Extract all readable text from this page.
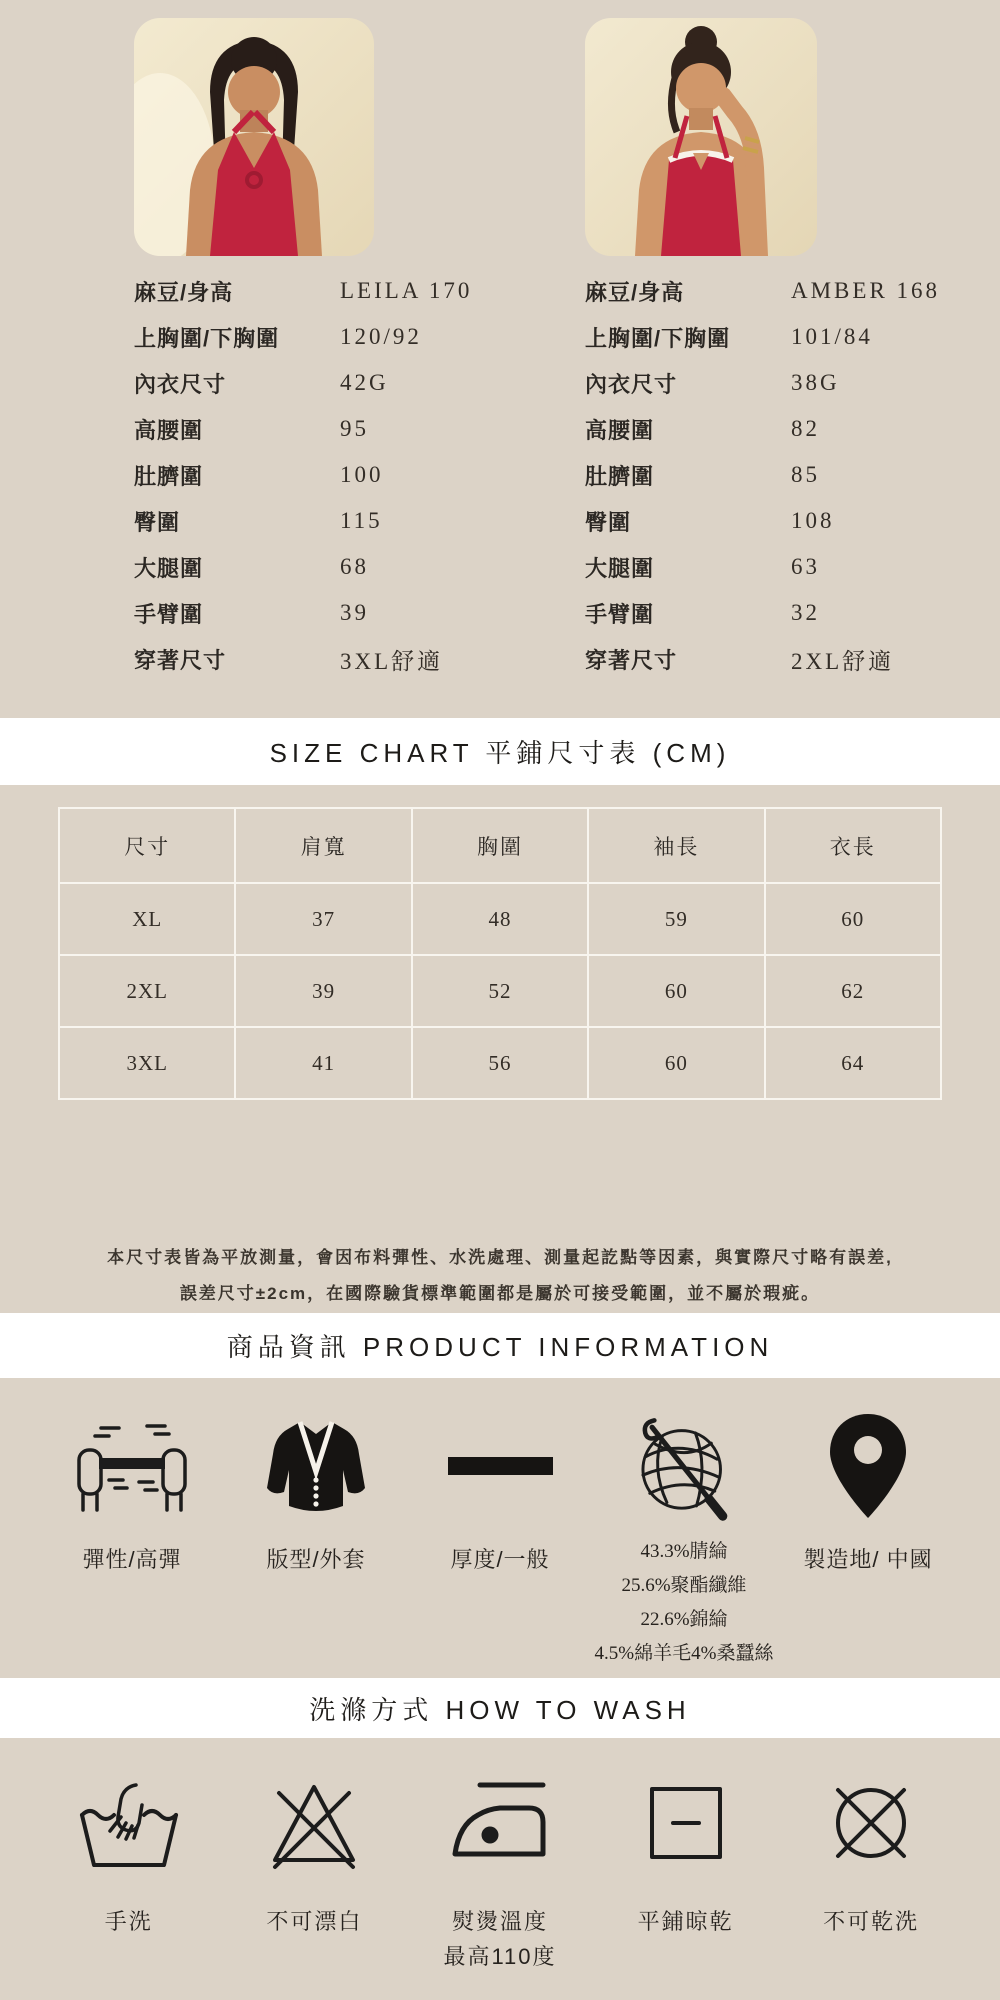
麻豆/身高	LEILA 170
上胸圍/下胸圍	120/92
內衣尺寸	42G
高腰圍	95
肚臍圍	100
臀圍	115
大腿圍	68
手臂圍	39
穿著尺寸	3XL舒適
麻豆/身高	AMBER 168
上胸圍/下胸圍	101/84
內衣尺寸	38G
高腰圍	82
肚臍圍	85
臀圍	108
大腿圍	63
手臂圍	32
穿著尺寸	2XL舒適
SIZE CHART 平鋪尺寸表 (CM)
尺寸	肩寬	胸圍	袖長	衣長
XL	37	48	59	60
2XL	39	52	60	62
3XL	41	56	60	64

本尺寸表皆為平放測量，會因布料彈性、水洗處理、測量起訖點等因素，與實際尺寸略有誤差,

誤差尺寸±2cm，在國際驗貨標準範圍都是屬於可接受範圍，並不屬於瑕疵。

商品資訊 PRODUCT INFORMATION
彈性/高彈	版型/外套	厚度/一般	43.3%腈綸
25.6%聚酯纖維
22.6%錦綸
4.5%綿羊毛4%桑蠶絲
製造地/ 中國
洗滌方式 HOW TO WASH
手洗	不可漂白	熨燙溫度
最高110度
平鋪晾乾	不可乾洗
